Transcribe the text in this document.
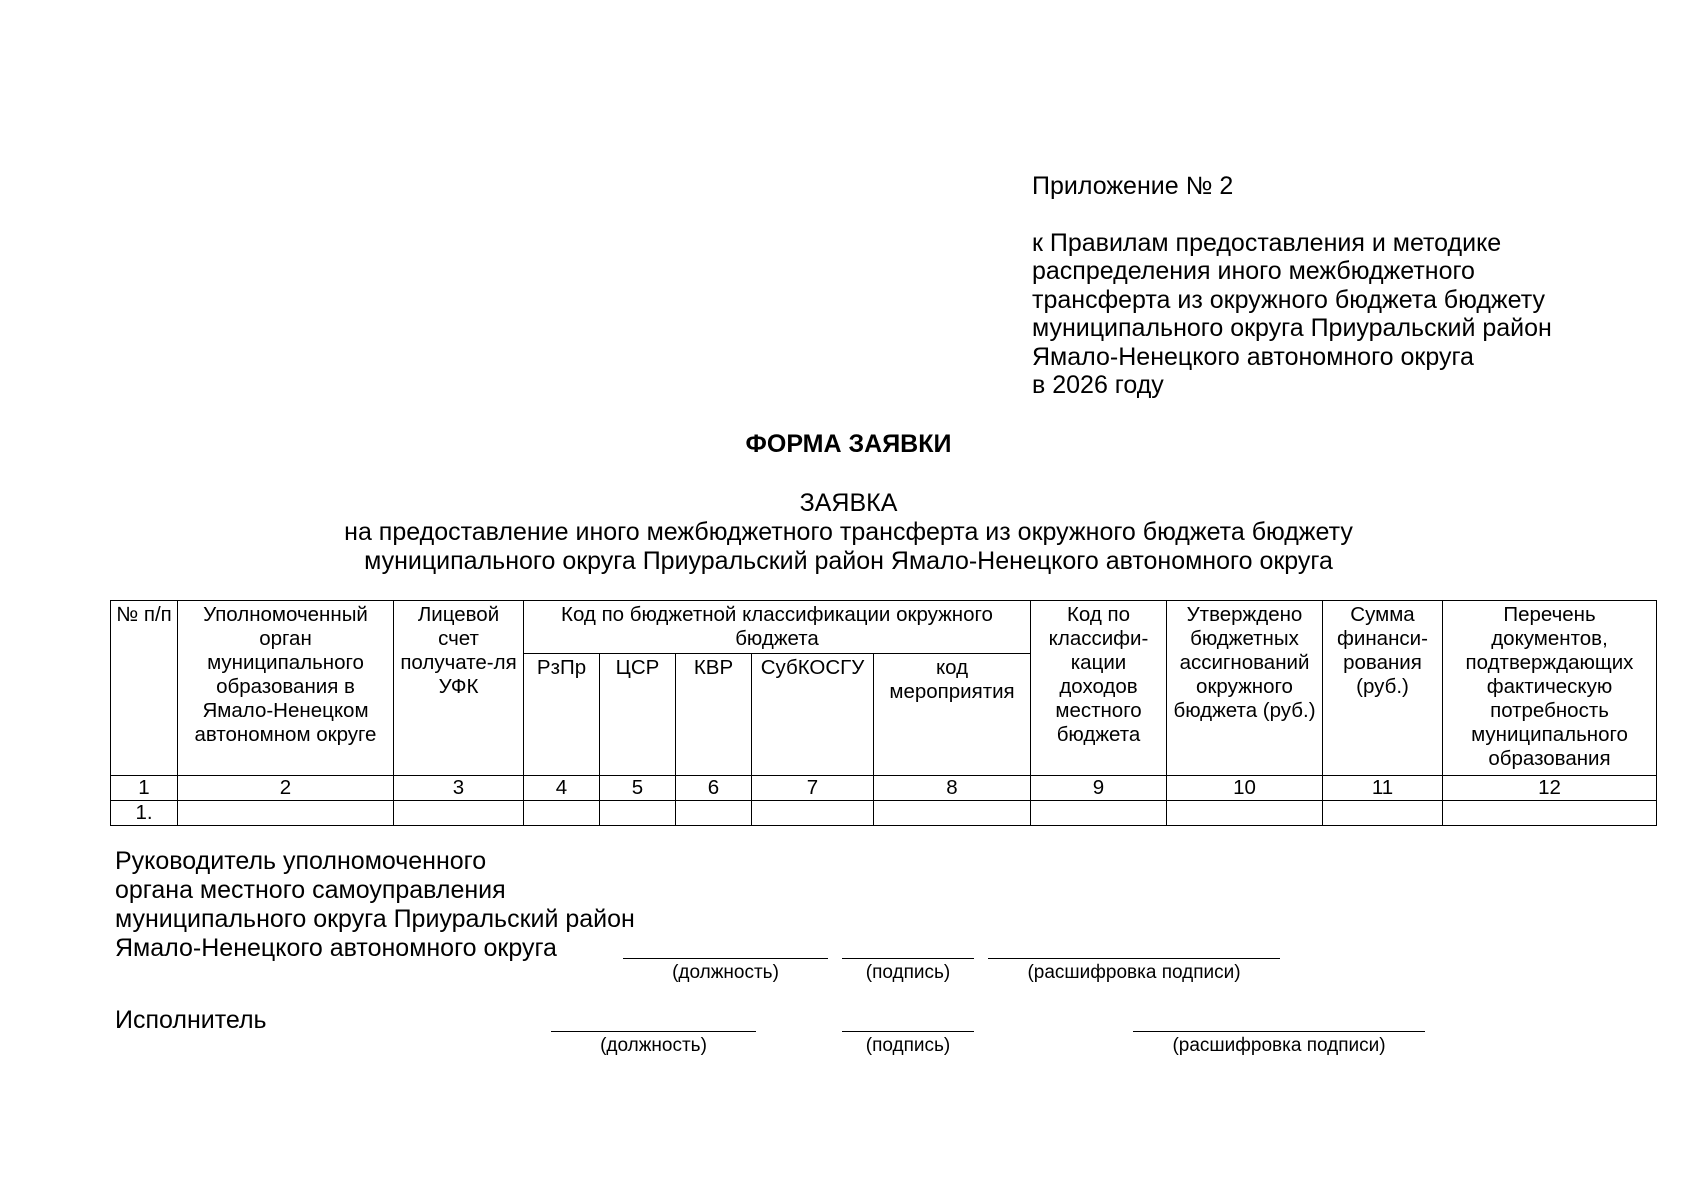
Приложение № 2
к Правилам предоставления и методике
распределения иного межбюджетного
трансферта из окружного бюджета бюджету
муниципального округа Приуральский район
Ямало-Ненецкого автономного округа
в 2026 году
ФОРМА ЗАЯВКИ
ЗАЯВКА
на предоставление иного межбюджетного трансферта из окружного бюджета бюджету
муниципального округа Приуральский район Ямало-Ненецкого автономного округа
№ п/п	Уполномоченный орган муниципального образования в Ямало-Ненецком автономном округе	Лицевой счет получате-ля УФК	Код по бюджетной классификации окружного бюджета					Код по классифи-кации доходов местного бюджета	Утверждено бюджетных ассигнований окружного бюджета (руб.)	Сумма финанси-рования (руб.)	Перечень документов, подтверждающих фактическую потребность муниципального образования
			РзПр	ЦСР	КВР	СубКОСГУ	код мероприятия				
1	2	3	4	5	6	7	8	9	10	11	12
1.											
Руководитель уполномоченного
органа местного самоуправления
муниципального округа Приуральский район
Ямало-Ненецкого автономного округа
(должность)	(подпись)	(расшифровка подписи)
Исполнитель
(должность)	(подпись)	(расшифровка подписи)
